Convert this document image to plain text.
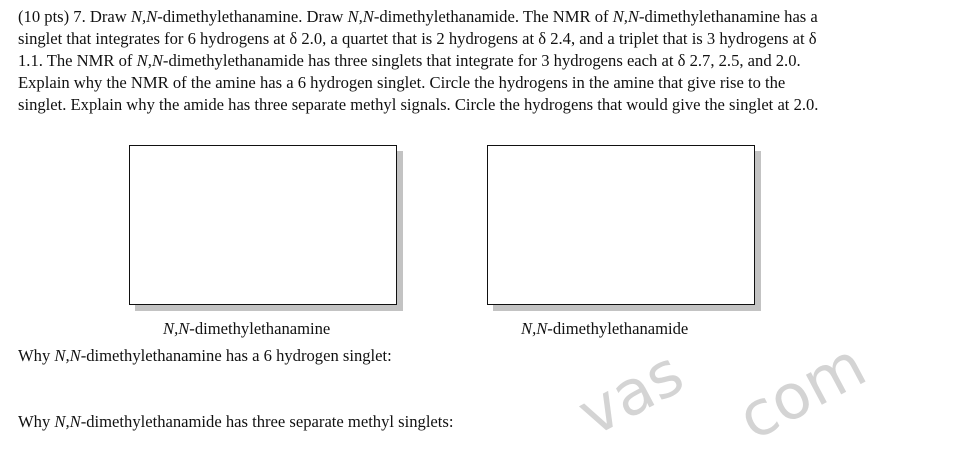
(10 pts) 7. Draw N,N-dimethylethanamine. Draw N,N-dimethylethanamide. The NMR of N,N-dimethylethanamine has a
singlet that integrates for 6 hydrogens at δ 2.0, a quartet that is 2 hydrogens at δ 2.4, and a triplet that is 3 hydrogens at δ
1.1. The NMR of N,N-dimethylethanamide has three singlets that integrate for 3 hydrogens each at δ 2.7, 2.5, and 2.0.
Explain why the NMR of the amine has a 6 hydrogen singlet. Circle the hydrogens in the amine that give rise to the
singlet. Explain why the amide has three separate methyl signals. Circle the hydrogens that would give the singlet at 2.0.
N,N-dimethylethanamine	N,N-dimethylethanamide
Why N,N-dimethylethanamine has a 6 hydrogen singlet:
Why N,N-dimethylethanamide has three separate methyl singlets: vas com
